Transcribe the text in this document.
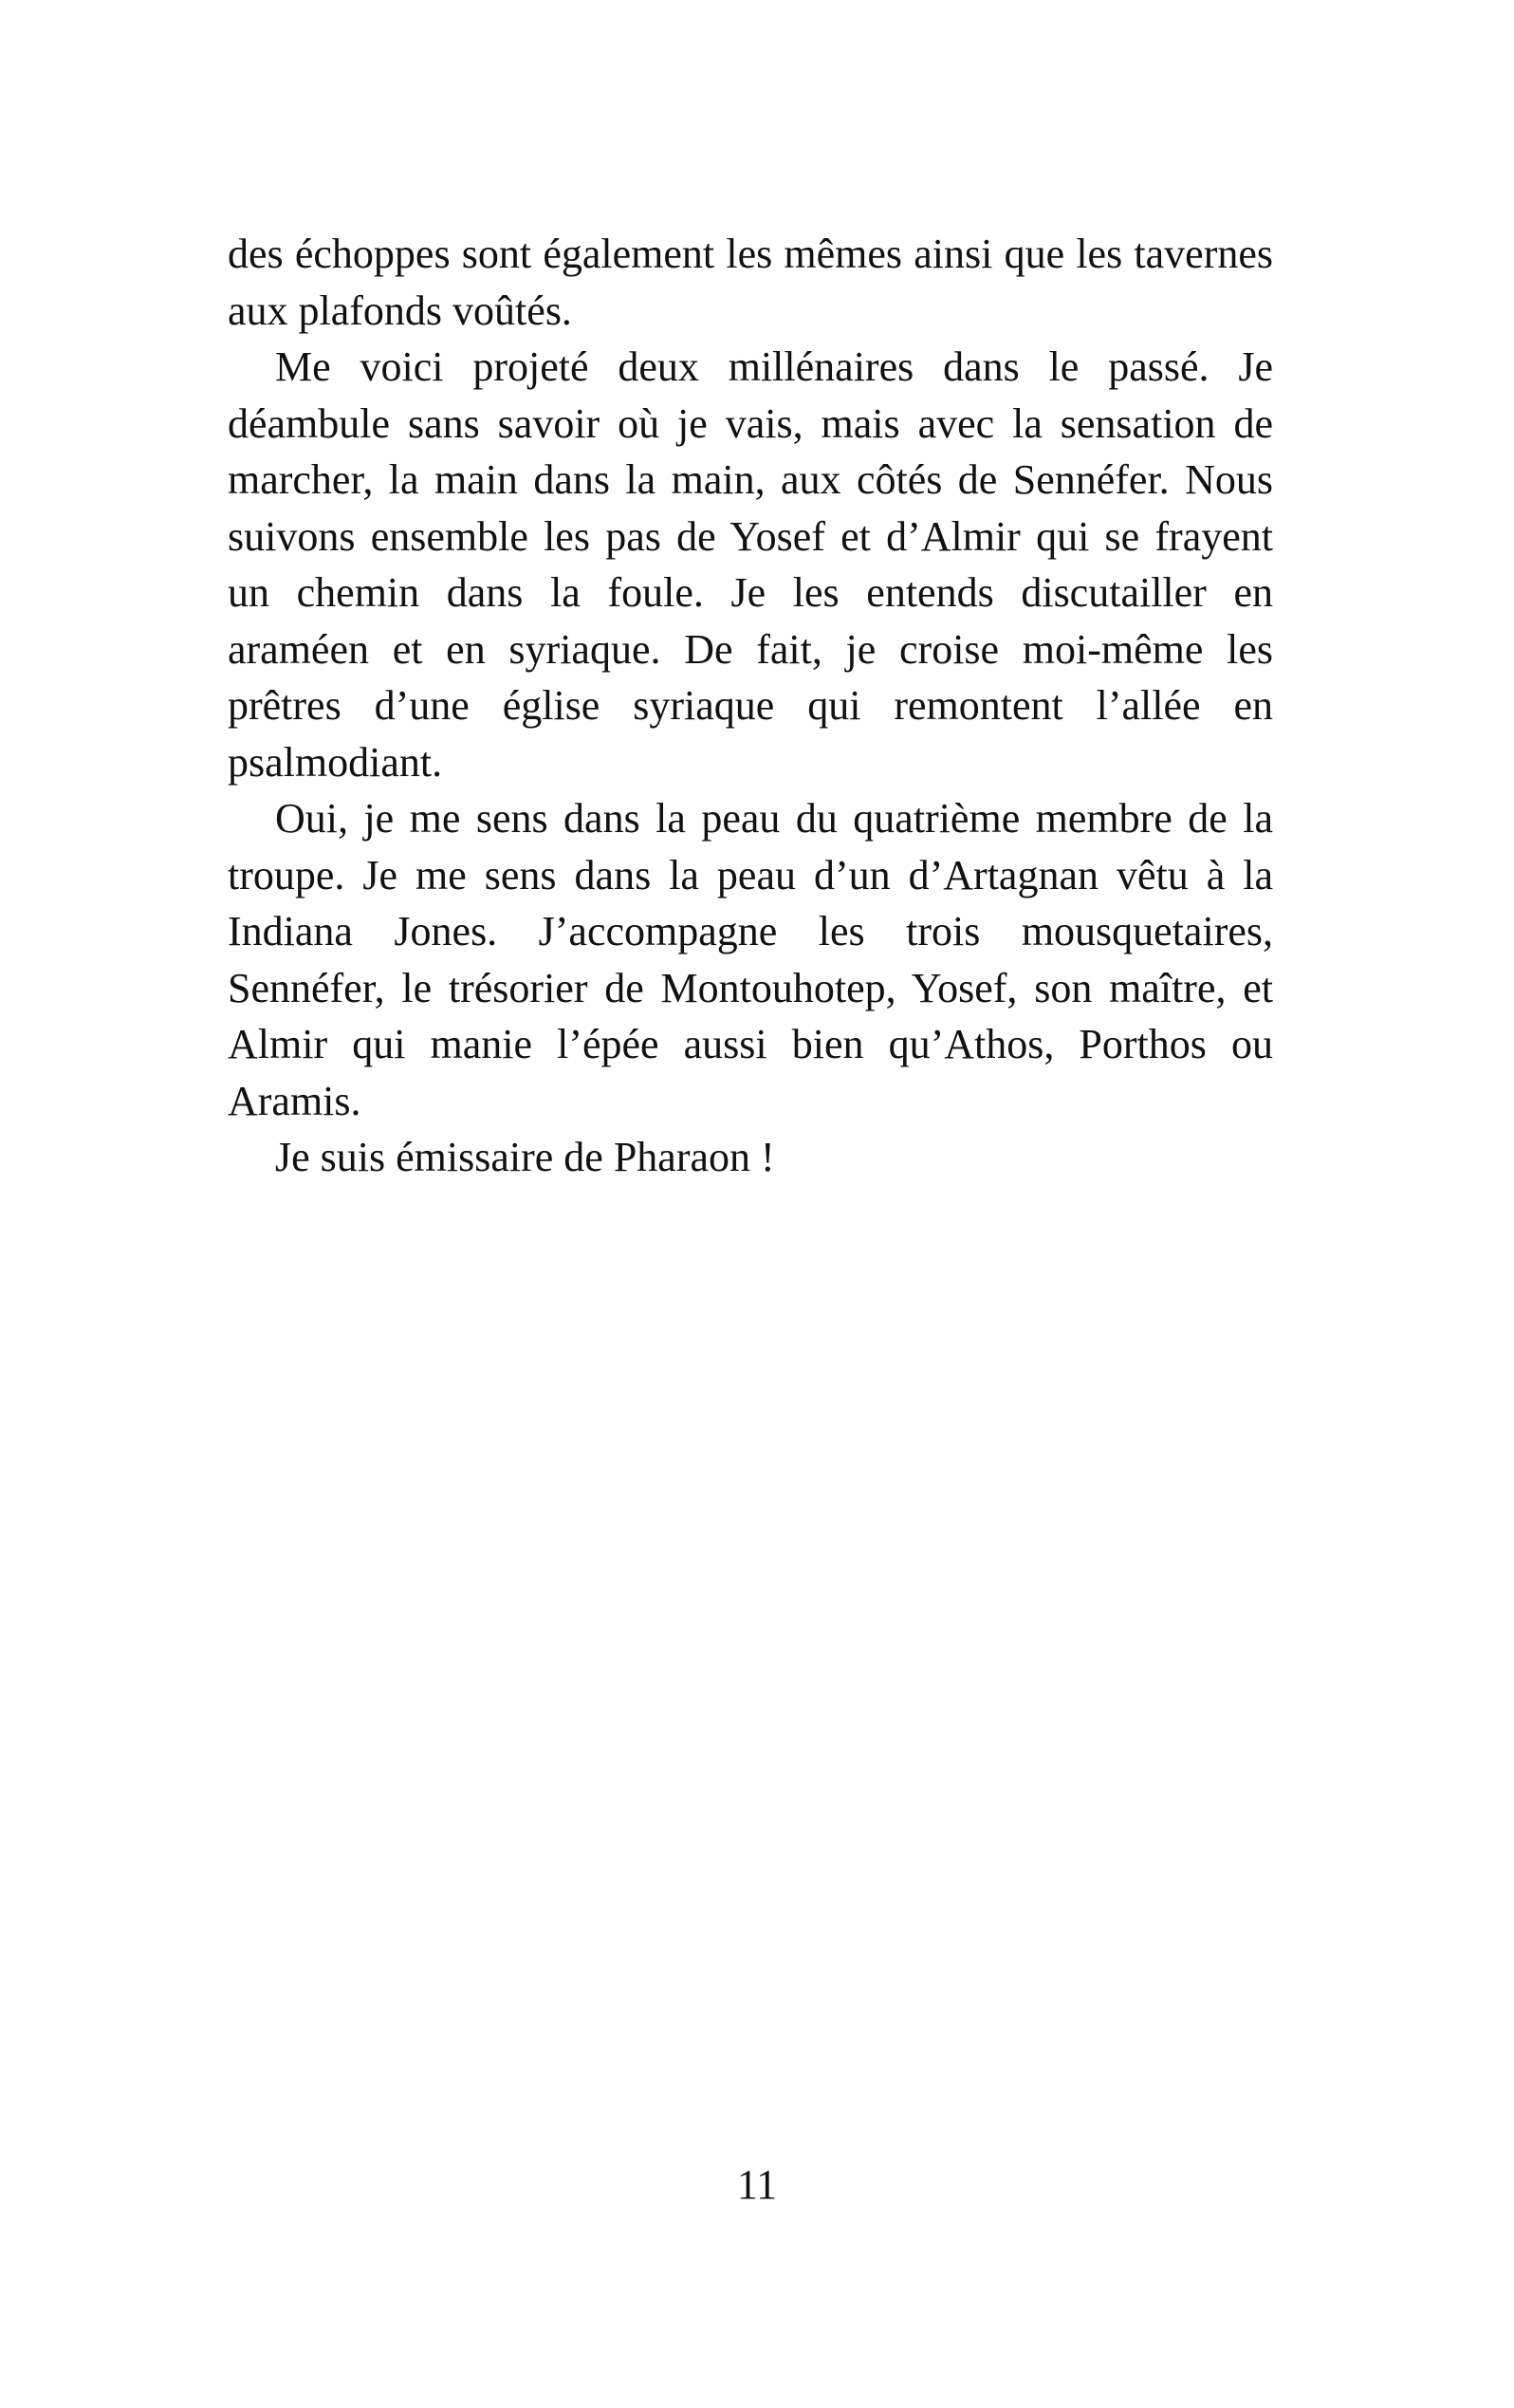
des échoppes sont également les mêmes ainsi que les tavernes aux plafonds voûtés.

Me voici projeté deux millénaires dans le passé. Je déambule sans savoir où je vais, mais avec la sensation de marcher, la main dans la main, aux côtés de Sennéfer. Nous suivons ensemble les pas de Yosef et d’Almir qui se frayent un chemin dans la foule. Je les entends discutailler en araméen et en syriaque. De fait, je croise moi-même les prêtres d’une église syriaque qui remontent l’allée en psalmodiant.

Oui, je me sens dans la peau du quatrième membre de la troupe. Je me sens dans la peau d’un d’Artagnan vêtu à la Indiana Jones. J’accompagne les trois mousquetaires, Sennéfer, le trésorier de Montouhotep, Yosef, son maître, et Almir qui manie l’épée aussi bien qu’Athos, Porthos ou Aramis.

Je suis émissaire de Pharaon !

11
